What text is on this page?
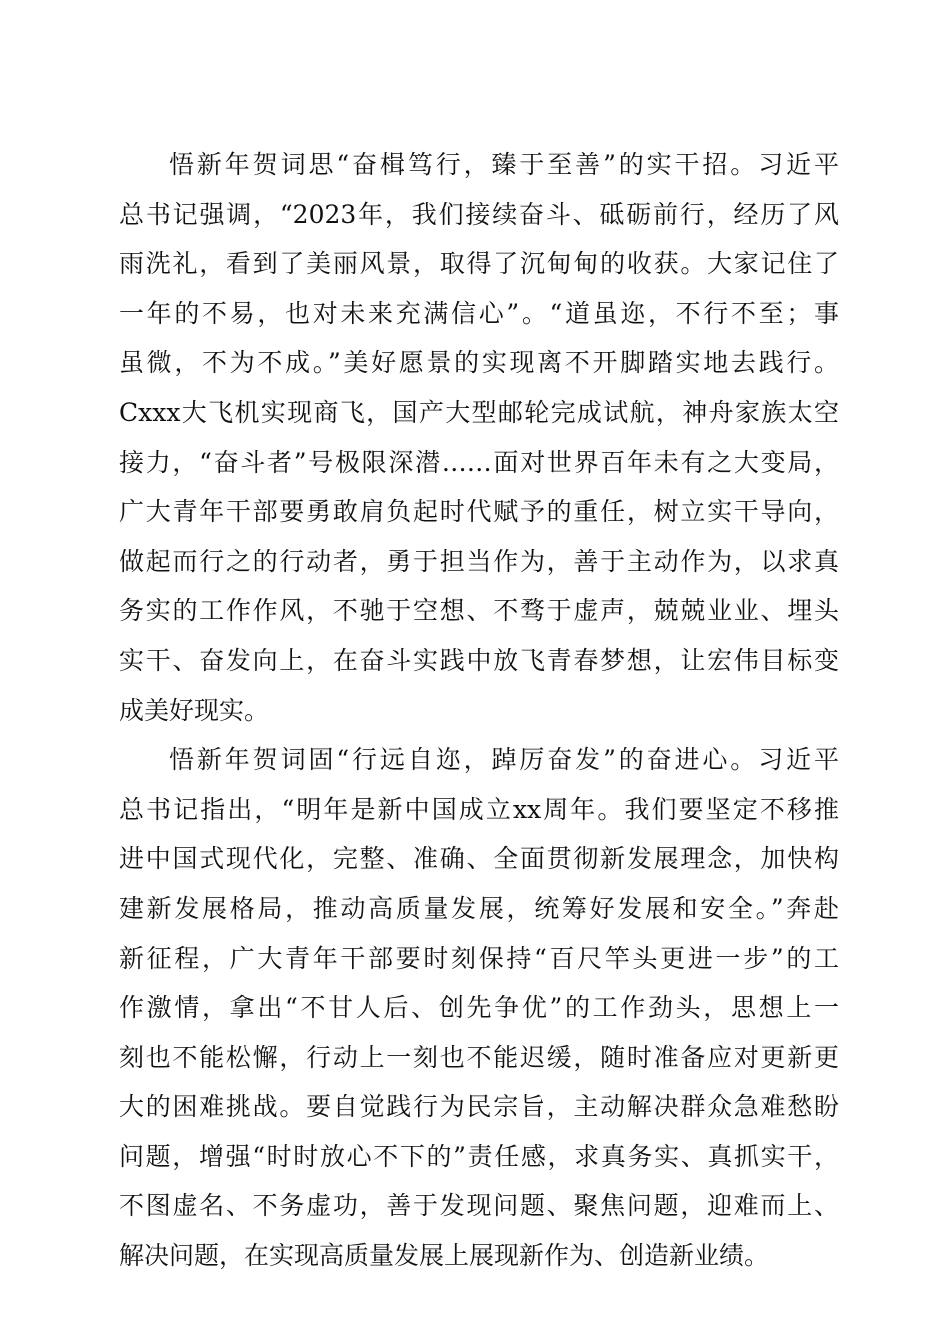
悟新年贺词思“奋楫笃行，臻于至善”的实干招。习近平
总书记强调，“2023年，我们接续奋斗、砥砺前行，经历了风
雨洗礼，看到了美丽风景，取得了沉甸甸的收获。大家记住了
一年的不易，也对未来充满信心”。“道虽迩，不行不至；事
虽微，不为不成。”美好愿景的实现离不开脚踏实地去践行。
Cxxx大飞机实现商飞，国产大型邮轮完成试航，神舟家族太空
接力，“奋斗者”号极限深潜……面对世界百年未有之大变局，
广大青年干部要勇敢肩负起时代赋予的重任，树立实干导向，
做起而行之的行动者，勇于担当作为，善于主动作为，以求真
务实的工作作风，不驰于空想、不骛于虚声，兢兢业业、埋头
实干、奋发向上，在奋斗实践中放飞青春梦想，让宏伟目标变
成美好现实。
悟新年贺词固“行远自迩，踔厉奋发”的奋进心。习近平
总书记指出，“明年是新中国成立xx周年。我们要坚定不移推
进中国式现代化，完整、准确、全面贯彻新发展理念，加快构
建新发展格局，推动高质量发展，统筹好发展和安全。”奔赴
新征程，广大青年干部要时刻保持“百尺竿头更进一步”的工
作激情，拿出“不甘人后、创先争优”的工作劲头，思想上一
刻也不能松懈，行动上一刻也不能迟缓，随时准备应对更新更
大的困难挑战。要自觉践行为民宗旨，主动解决群众急难愁盼
问题，增强“时时放心不下的”责任感，求真务实、真抓实干，
不图虚名、不务虚功，善于发现问题、聚焦问题，迎难而上、
解决问题，在实现高质量发展上展现新作为、创造新业绩。
